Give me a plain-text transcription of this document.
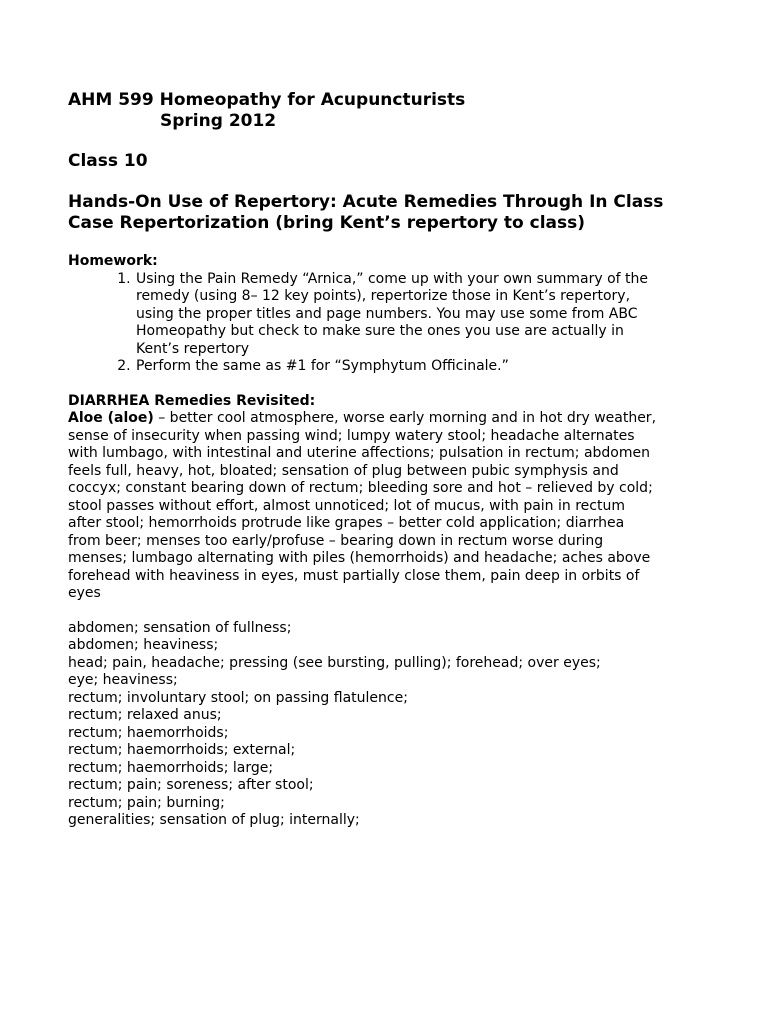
AHM 599 Homeopathy for Acupuncturists
Spring 2012
Class 10
Hands-On Use of Repertory: Acute Remedies Through In Class Case Repertorization (bring Kent’s repertory to class)
Homework:
1. Using the Pain Remedy “Arnica,” come up with your own summary of the remedy (using 8– 12 key points), repertorize those in Kent’s repertory, using the proper titles and page numbers. You may use some from ABC Homeopathy but check to make sure the ones you use are actually in Kent’s repertory
2. Perform the same as #1 for “Symphytum Officinale.”
DIARRHEA Remedies Revisited:

Aloe (aloe) – better cool atmosphere, worse early morning and in hot dry weather, sense of insecurity when passing wind; lumpy watery stool; headache alternates with lumbago, with intestinal and uterine affections; pulsation in rectum; abdomen feels full, heavy, hot, bloated; sensation of plug between pubic symphysis and coccyx; constant bearing down of rectum; bleeding sore and hot – relieved by cold; stool passes without effort, almost unnoticed; lot of mucus, with pain in rectum after stool; hemorrhoids protrude like grapes – better cold application; diarrhea from beer; menses too early/profuse – bearing down in rectum worse during menses; lumbago alternating with piles (hemorrhoids) and headache; aches above forehead with heaviness in eyes, must partially close them, pain deep in orbits of eyes

abdomen; sensation of fullness;
abdomen; heaviness;
head; pain, headache; pressing (see bursting, pulling); forehead; over eyes;
eye; heaviness;
rectum; involuntary stool; on passing flatulence;
rectum; relaxed anus;
rectum; haemorrhoids;
rectum; haemorrhoids; external;
rectum; haemorrhoids; large;
rectum; pain; soreness; after stool;
rectum; pain; burning;
generalities; sensation of plug; internally;
